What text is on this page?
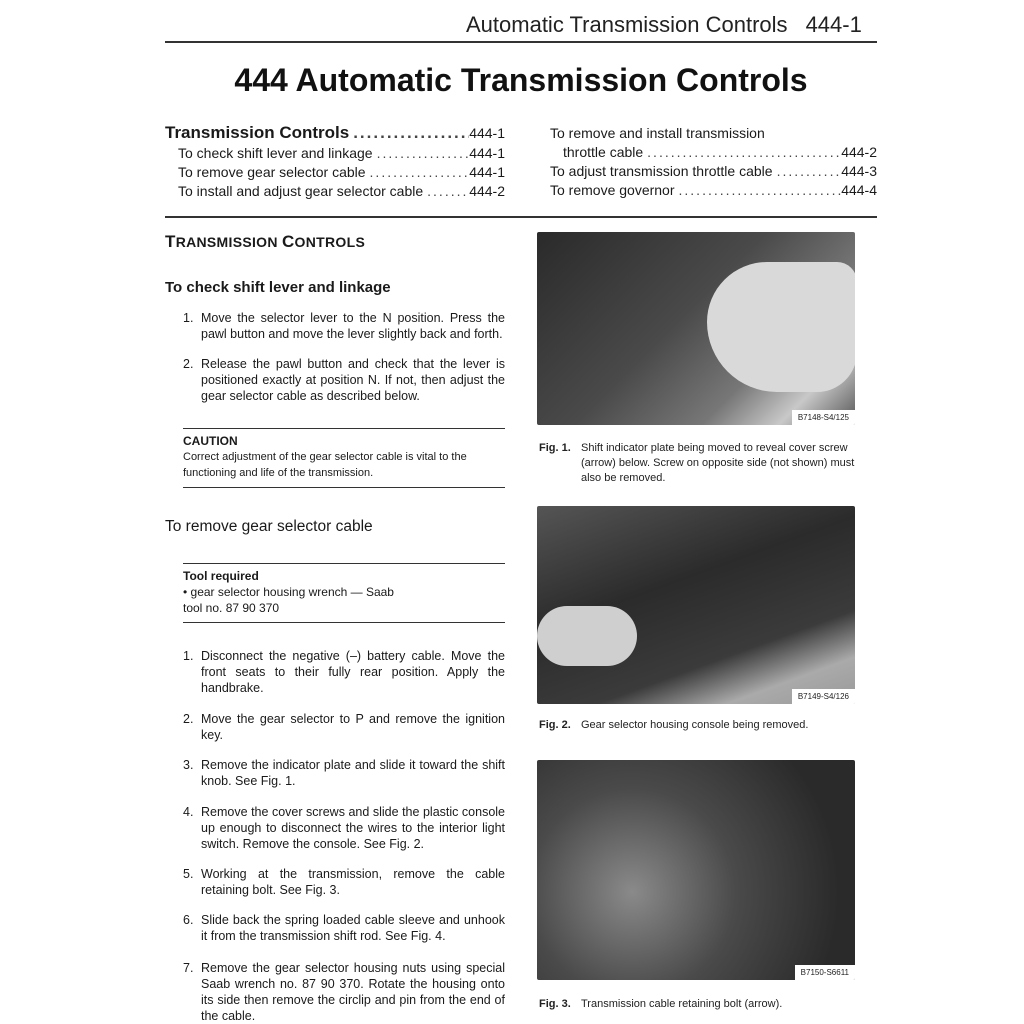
Automatic Transmission Controls 444-1
444 Automatic Transmission Controls
Transmission Controls .....	444-1
To check shift lever and linkage .....	444-1
To remove gear selector cable .....	444-1
To install and adjust gear selector cable .....	444-2
To remove and install transmission
throttle cable .....	444-2
To adjust transmission throttle cable .....	444-3
To remove governor .....	444-4
TRANSMISSION CONTROLS
To check shift lever and linkage
1. Move the selector lever to the N position. Press the pawl button and move the lever slightly back and forth.
2. Release the pawl button and check that the lever is positioned exactly at position N. If not, then adjust the gear selector cable as described below.
CAUTION
Correct adjustment of the gear selector cable is vital to the functioning and life of the transmission.
To remove gear selector cable
Tool required
• gear selector housing wrench — Saab tool no. 87 90 370
1. Disconnect the negative (–) battery cable. Move the front seats to their fully rear position. Apply the handbrake.
2. Move the gear selector to P and remove the ignition key.
3. Remove the indicator plate and slide it toward the shift knob. See Fig. 1.
4. Remove the cover screws and slide the plastic console up enough to disconnect the wires to the interior light switch. Remove the console. See Fig. 2.
5. Working at the transmission, remove the cable retaining bolt. See Fig. 3.
6. Slide back the spring loaded cable sleeve and unhook it from the transmission shift rod. See Fig. 4.
7. Remove the gear selector housing nuts using special Saab wrench no. 87 90 370. Rotate the housing onto its side then remove the circlip and pin from the end of the cable.
B7148-S4/125
Fig. 1. Shift indicator plate being moved to reveal cover screw (arrow) below. Screw on opposite side (not shown) must also be removed.
B7149-S4/126
Fig. 2. Gear selector housing console being removed.
B7150-S6611
Fig. 3. Transmission cable retaining bolt (arrow).
